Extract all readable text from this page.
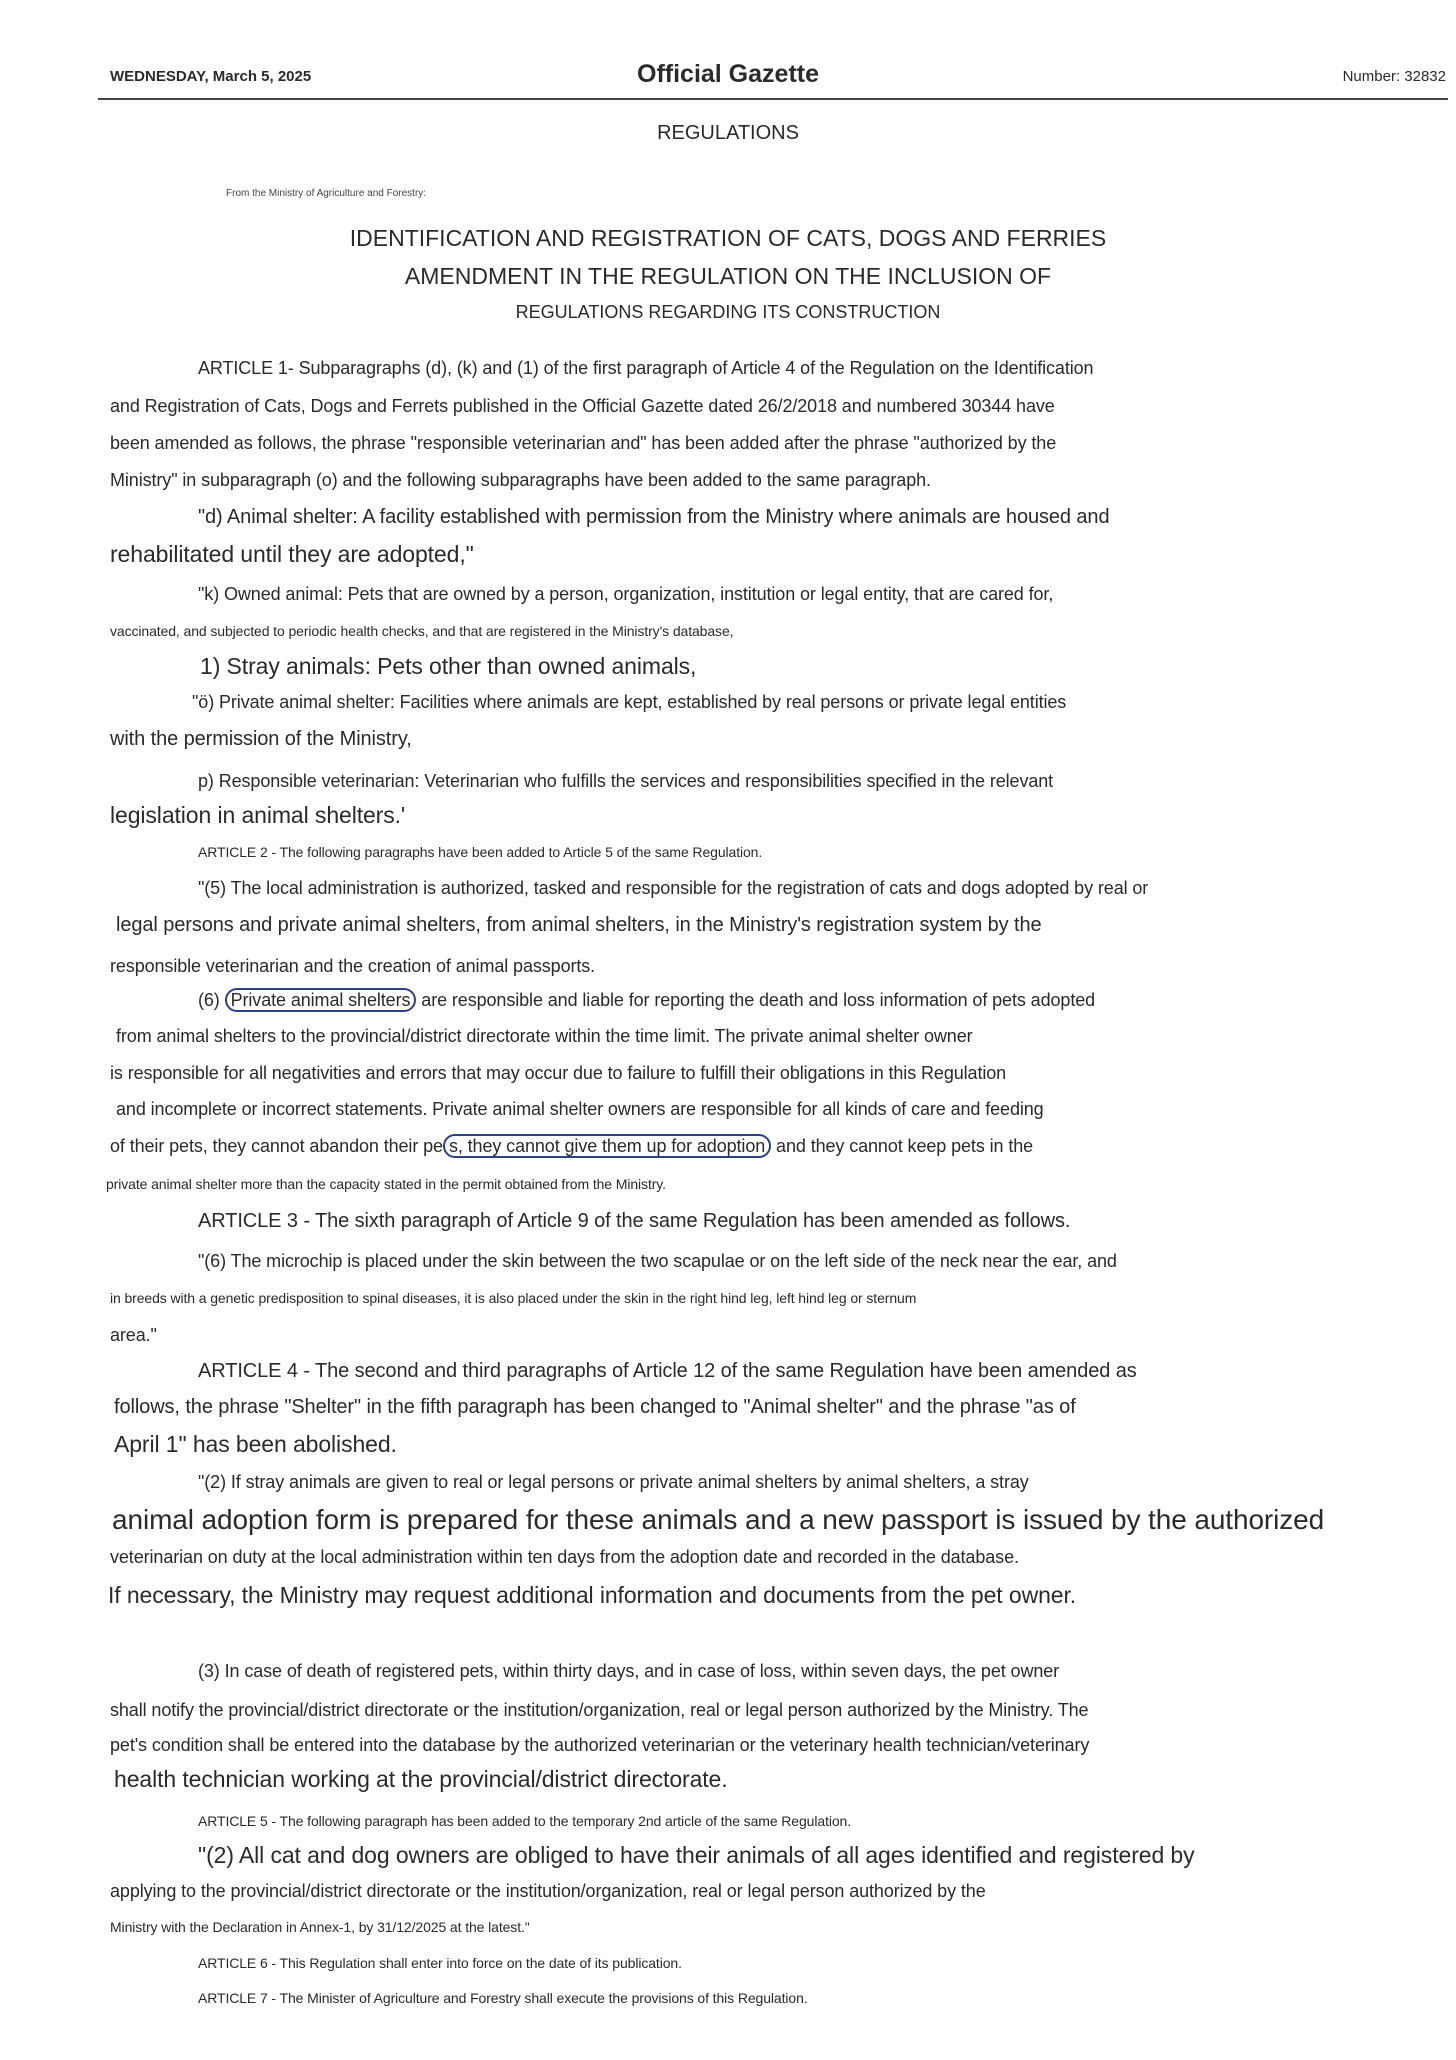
WEDNESDAY, March 5, 2025	Official Gazette	Number: 32832
REGULATIONS
From the Ministry of Agriculture and Forestry:
IDENTIFICATION AND REGISTRATION OF CATS, DOGS AND FERRIES
AMENDMENT IN THE REGULATION ON THE INCLUSION OF
REGULATIONS REGARDING ITS CONSTRUCTION
ARTICLE 1- Subparagraphs (d), (k) and (1) of the first paragraph of Article 4 of the Regulation on the Identification
and Registration of Cats, Dogs and Ferrets published in the Official Gazette dated 26/2/2018 and numbered 30344 have
been amended as follows, the phrase "responsible veterinarian and" has been added after the phrase "authorized by the
Ministry" in subparagraph (o) and the following subparagraphs have been added to the same paragraph.
"d) Animal shelter: A facility established with permission from the Ministry where animals are housed and
rehabilitated until they are adopted,"
"k) Owned animal: Pets that are owned by a person, organization, institution or legal entity, that are cared for,
vaccinated, and subjected to periodic health checks, and that are registered in the Ministry's database,
1) Stray animals: Pets other than owned animals,
"ö) Private animal shelter: Facilities where animals are kept, established by real persons or private legal entities
with the permission of the Ministry,
p) Responsible veterinarian: Veterinarian who fulfills the services and responsibilities specified in the relevant
legislation in animal shelters.'
ARTICLE 2 - The following paragraphs have been added to Article 5 of the same Regulation.
"(5) The local administration is authorized, tasked and responsible for the registration of cats and dogs adopted by real or
legal persons and private animal shelters, from animal shelters, in the Ministry's registration system by the
responsible veterinarian and the creation of animal passports.
(6) Private animal shelters are responsible and liable for reporting the death and loss information of pets adopted
from animal shelters to the provincial/district directorate within the time limit. The private animal shelter owner
is responsible for all negativities and errors that may occur due to failure to fulfill their obligations in this Regulation
and incomplete or incorrect statements. Private animal shelter owners are responsible for all kinds of care and feeding
of their pets, they cannot abandon their pe s, they cannot give them up for adoption and they cannot keep pets in the
private animal shelter more than the capacity stated in the permit obtained from the Ministry.
ARTICLE 3 - The sixth paragraph of Article 9 of the same Regulation has been amended as follows.
"(6) The microchip is placed under the skin between the two scapulae or on the left side of the neck near the ear, and
in breeds with a genetic predisposition to spinal diseases, it is also placed under the skin in the right hind leg, left hind leg or sternum
area."
ARTICLE 4 - The second and third paragraphs of Article 12 of the same Regulation have been amended as
follows, the phrase "Shelter" in the fifth paragraph has been changed to "Animal shelter" and the phrase "as of
April 1" has been abolished.
"(2) If stray animals are given to real or legal persons or private animal shelters by animal shelters, a stray
animal adoption form is prepared for these animals and a new passport is issued by the authorized
veterinarian on duty at the local administration within ten days from the adoption date and recorded in the database.
If necessary, the Ministry may request additional information and documents from the pet owner.
(3) In case of death of registered pets, within thirty days, and in case of loss, within seven days, the pet owner
shall notify the provincial/district directorate or the institution/organization, real or legal person authorized by the Ministry. The
pet's condition shall be entered into the database by the authorized veterinarian or the veterinary health technician/veterinary
health technician working at the provincial/district directorate.
ARTICLE 5 - The following paragraph has been added to the temporary 2nd article of the same Regulation.
"(2) All cat and dog owners are obliged to have their animals of all ages identified and registered by
applying to the provincial/district directorate or the institution/organization, real or legal person authorized by the
Ministry with the Declaration in Annex-1, by 31/12/2025 at the latest."
ARTICLE 6 - This Regulation shall enter into force on the date of its publication.
ARTICLE 7 - The Minister of Agriculture and Forestry shall execute the provisions of this Regulation.
